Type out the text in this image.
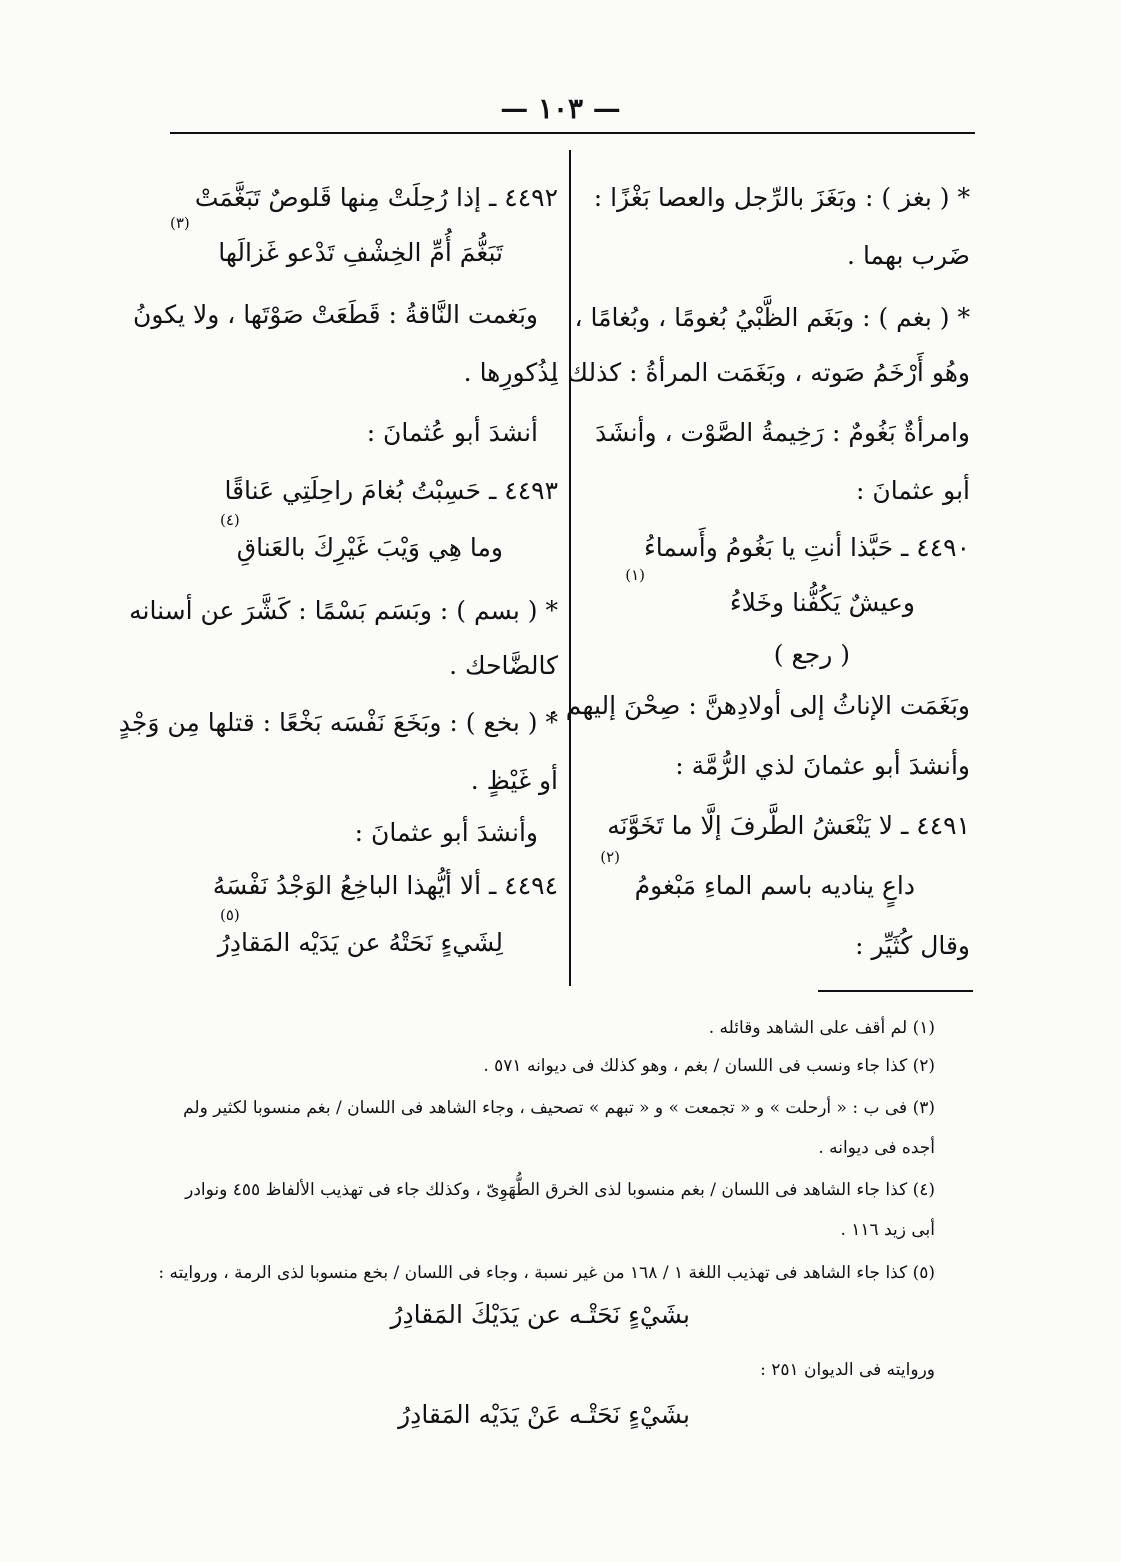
— ١٠٣ —
* ( بغز ) : وبَغَزَ بالرِّجل والعصا بَغْزًا :
ضَرب بهما .
* ( بغم ) : وبَغَم الظَّبْيُ بُغومًا ، وبُغامًا ،
وهُو أَرْخَمُ صَوته ، وبَغَمَت المرأةُ : كذلك .
وامرأةٌ بَغُومٌ : رَخِيمةُ الصَّوْت ، وأنشَدَ
أبو عثمانَ :
٤٤٩٠ ـ حَبَّذا أنتِ يا بَغُومُ وأَسماءُ
(١)
وعيشٌ يَكُفُّنا وخَلاءُ
( رجع )
وبَغَمَت الإناثُ إلى أولادِهنَّ : صِحْنَ إليهم .
وأنشدَ أبو عثمانَ لذي الرُّمَّة :
٤٤٩١ ـ لا يَنْعَشُ الطَّرفَ إلَّا ما تَخَوَّنَه
(٢)
داعٍ يناديه باسم الماءِ مَبْغومُ
وقال كُثَيِّر :
٤٤٩٢ ـ إذا رُحِلَتْ مِنها قَلوصٌ تَبَغَّمَتْ
(٣)
تَبَغُّمَ أُمِّ الخِشْفِ تَدْعو غَزالَها
وبَغمت النَّاقةُ : قَطَعَتْ صَوْتَها ، ولا يكونُ
لِذُكورِها .
أنشدَ أبو عُثمانَ :
٤٤٩٣ ـ حَسِبْتُ بُغامَ راحِلَتِي عَناقًا
(٤)
وما هِي وَيْبَ غَيْرِكَ بالعَناقِ
* ( بسم ) : وبَسَم بَسْمًا : كَشَّرَ عن أسنانه
كالضَّاحك .
* ( بخع ) : وبَخَعَ نَفْسَه بَخْعًا : قتلها مِن وَجْدٍ
أو غَيْظٍ .
وأنشدَ أبو عثمانَ :
٤٤٩٤ ـ ألا أيُّهذا الباخِعُ الوَجْدُ نَفْسَهُ
(٥)
لِشَيءٍ نَحَتْهُ عن يَدَيْه المَقادِرُ
(١) لم أقف على الشاهد وقائله .
(٢) كذا جاء ونسب فى اللسان / بغم ، وهو كذلك فى ديوانه ٥٧١ .
(٣) فى ب : « أرحلت » و « تجمعت » و « تبهم » تصحيف ، وجاء الشاهد فى اللسان / بغم منسوبا لكثير ولم
أجده فى ديوانه .
(٤) كذا جاء الشاهد فى اللسان / بغم منسوبا لذى الخرق الطُّهَوِىّ ، وكذلك جاء فى تهذيب الألفاظ ٤٥٥ ونوادر
أبى زيد ١١٦ .
(٥) كذا جاء الشاهد فى تهذيب اللغة ١ / ١٦٨ من غير نسبة ، وجاء فى اللسان / بخع منسوبا لذى الرمة ، وروايته :
بشَيْءٍ نَحَتْـه عن يَدَيْكَ المَقادِرُ
وروايته فى الديوان ٢٥١ :
بشَيْءٍ نَحَتْـه عَنْ يَدَيْه المَقادِرُ
